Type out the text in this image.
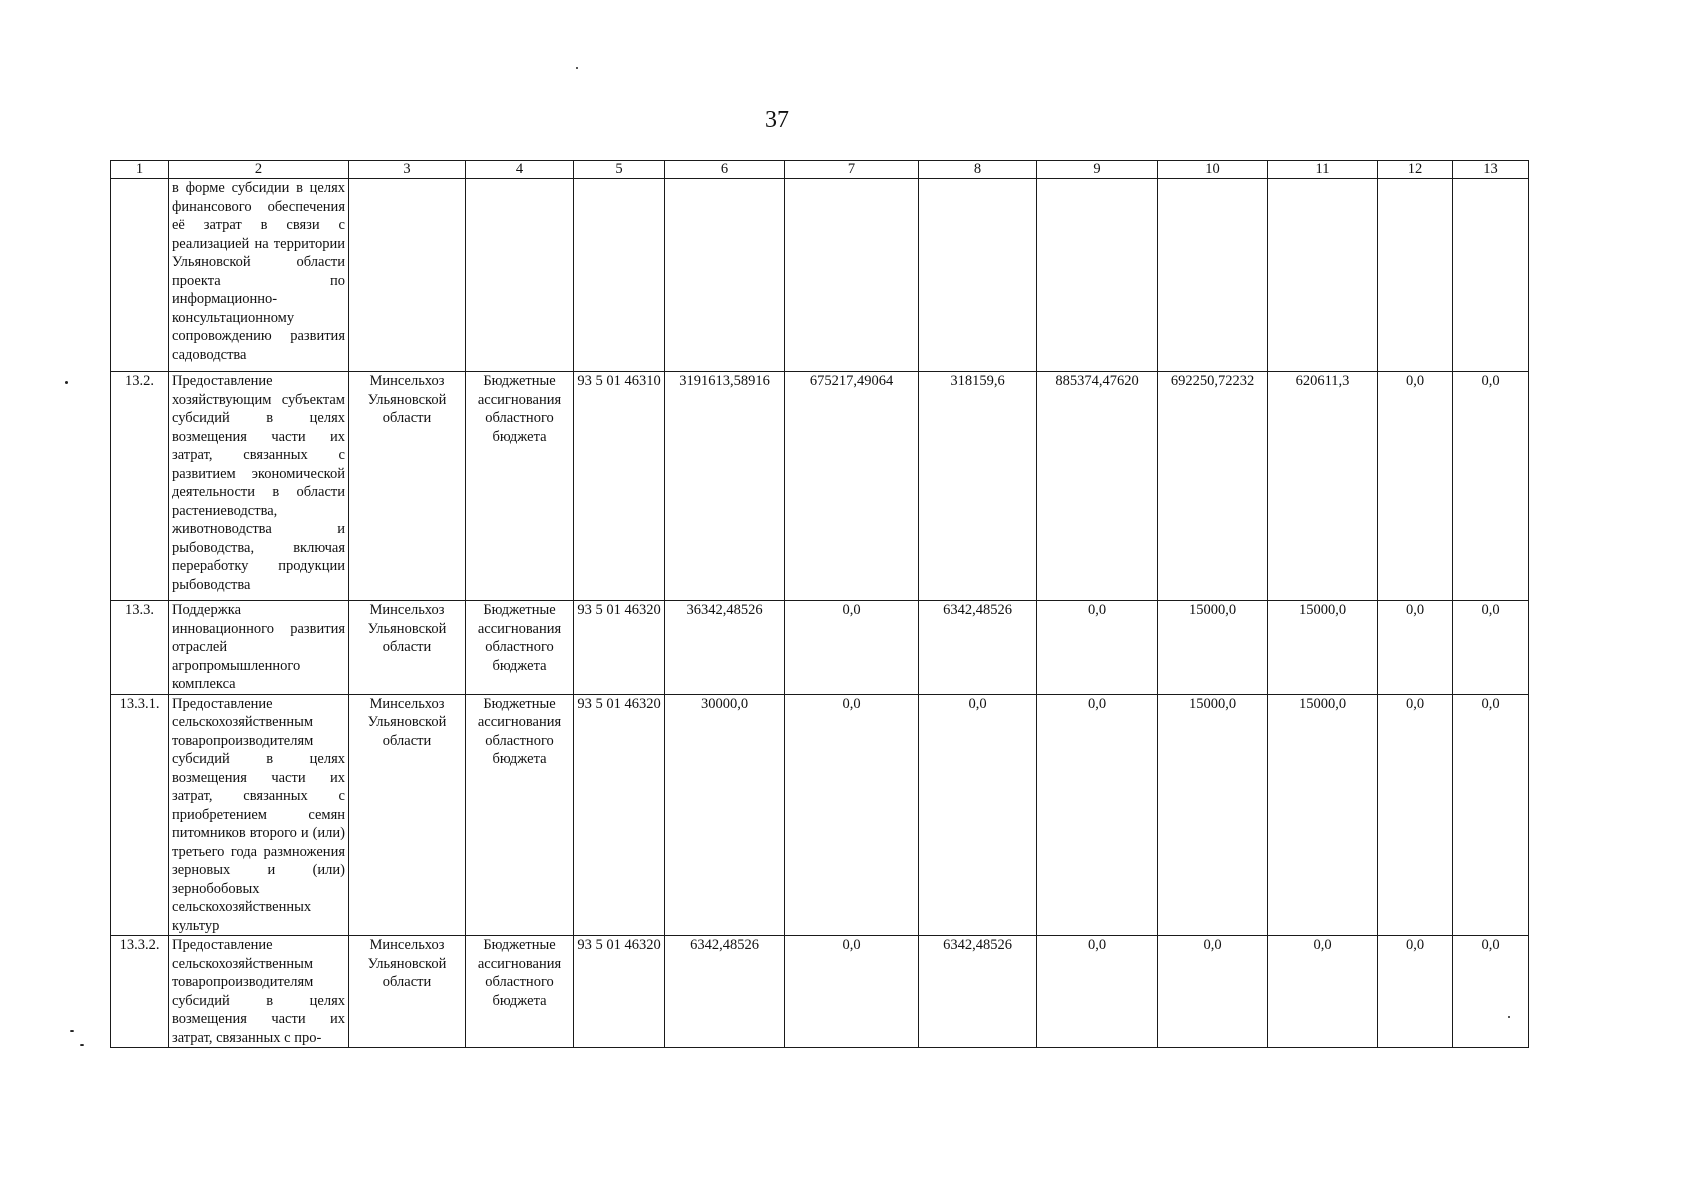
37
1	2	3	4	5	6	7	8	9	10	11	12	13
	в форме субсидии в целях финансового обеспечения её затрат в связи с реализацией на территории Ульяновской области проекта по информационно-консультационному сопровождению развития садоводства											
13.2.	Предоставление хозяйствующим субъектам субсидий в целях возмещения части их затрат, связанных с развитием экономической деятельности в области растениеводства, животноводства и рыбоводства, включая переработку продукции рыбоводства	Минсельхоз Ульяновской области	Бюджетные ассигнования областного бюджета	93 5 01 46310	3191613,58916	675217,49064	318159,6	885374,47620	692250,72232	620611,3	0,0	0,0
13.3.	Поддержка инновационного развития отраслей агропромышленного комплекса	Минсельхоз Ульяновской области	Бюджетные ассигнования областного бюджета	93 5 01 46320	36342,48526	0,0	6342,48526	0,0	15000,0	15000,0	0,0	0,0
13.3.1.	Предоставление сельскохозяйственным товаропроизводителям субсидий в целях возмещения части их затрат, связанных с приобретением семян питомников второго и (или) третьего года размножения зерновых и (или) зернобобовых сельскохозяйственных культур	Минсельхоз Ульяновской области	Бюджетные ассигнования областного бюджета	93 5 01 46320	30000,0	0,0	0,0	0,0	15000,0	15000,0	0,0	0,0
13.3.2.	Предоставление сельскохозяйственным товаропроизводителям субсидий в целях возмещения части их затрат, связанных с про-	Минсельхоз Ульяновской области	Бюджетные ассигнования областного бюджета	93 5 01 46320	6342,48526	0,0	6342,48526	0,0	0,0	0,0	0,0	0,0
